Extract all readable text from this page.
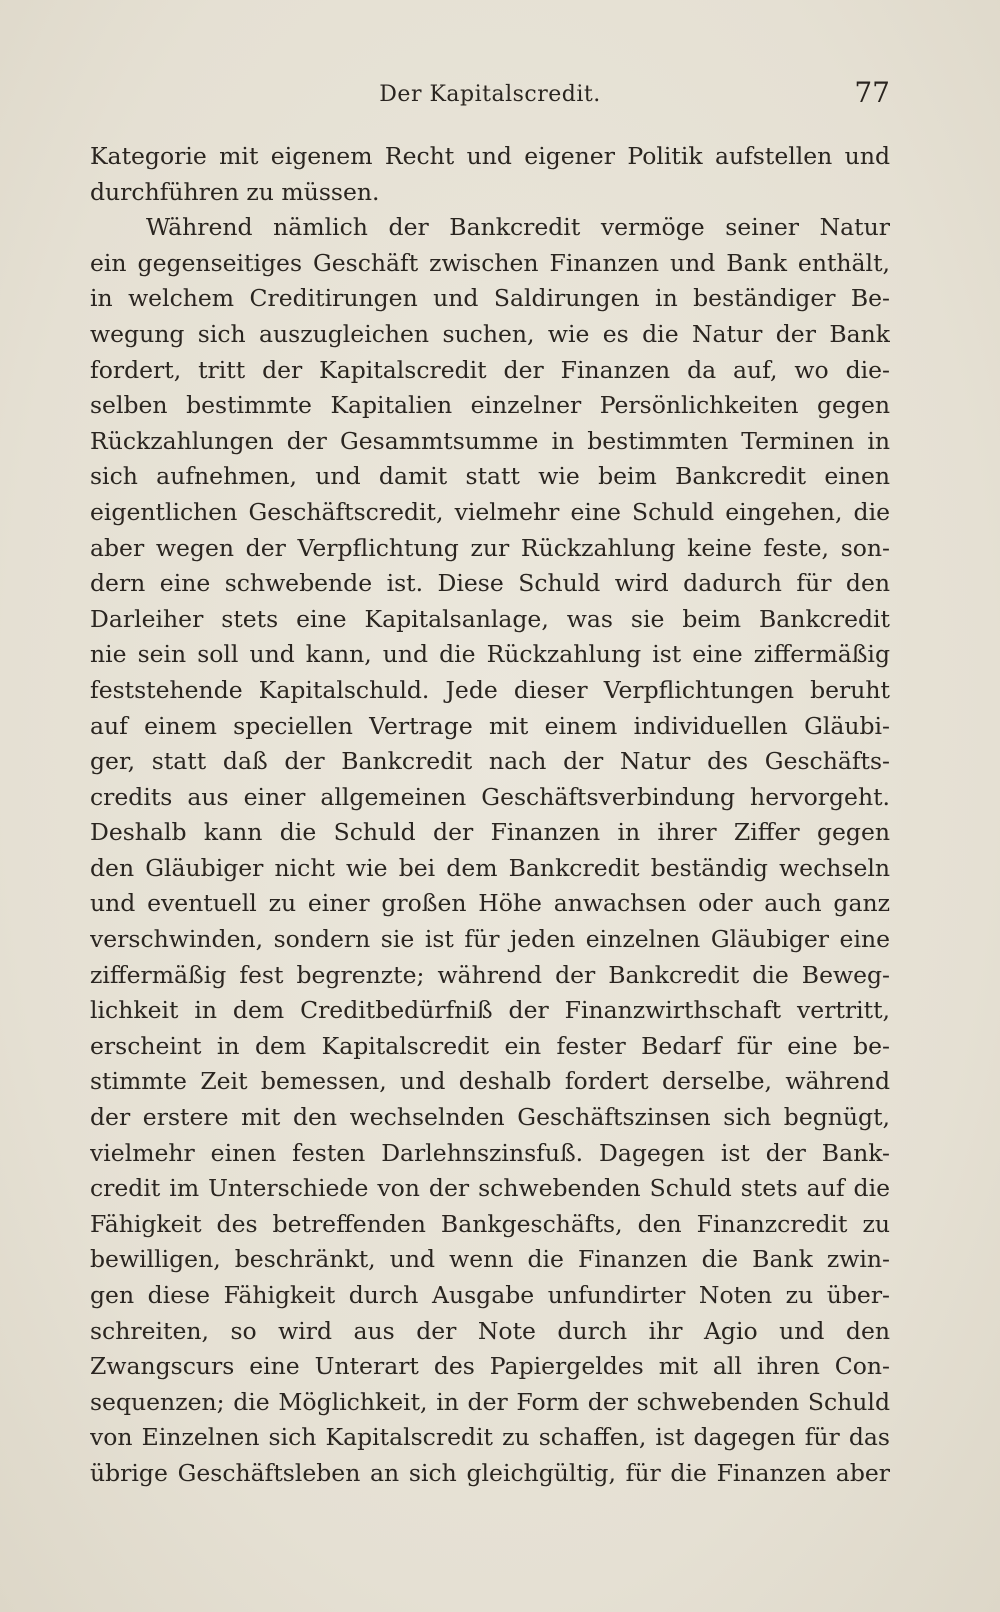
Der Kapitalscredit.	77
Kategorie mit eigenem Recht und eigener Politik aufstellen und
durchführen zu müssen.
Während nämlich der Bankcredit vermöge seiner Natur
ein gegenseitiges Geschäft zwischen Finanzen und Bank enthält,
in welchem Creditirungen und Saldirungen in beständiger Be-
wegung sich auszugleichen suchen, wie es die Natur der Bank
fordert, tritt der Kapitalscredit der Finanzen da auf, wo die-
selben bestimmte Kapitalien einzelner Persönlichkeiten gegen
Rückzahlungen der Gesammtsumme in bestimmten Terminen in
sich aufnehmen, und damit statt wie beim Bankcredit einen
eigentlichen Geschäftscredit, vielmehr eine Schuld eingehen, die
aber wegen der Verpflichtung zur Rückzahlung keine feste, son-
dern eine schwebende ist. Diese Schuld wird dadurch für den
Darleiher stets eine Kapitalsanlage, was sie beim Bankcredit
nie sein soll und kann, und die Rückzahlung ist eine ziffermäßig
feststehende Kapitalschuld. Jede dieser Verpflichtungen beruht
auf einem speciellen Vertrage mit einem individuellen Gläubi-
ger, statt daß der Bankcredit nach der Natur des Geschäfts-
credits aus einer allgemeinen Geschäftsverbindung hervorgeht.
Deshalb kann die Schuld der Finanzen in ihrer Ziffer gegen
den Gläubiger nicht wie bei dem Bankcredit beständig wechseln
und eventuell zu einer großen Höhe anwachsen oder auch ganz
verschwinden, sondern sie ist für jeden einzelnen Gläubiger eine
ziffermäßig fest begrenzte; während der Bankcredit die Beweg-
lichkeit in dem Creditbedürfniß der Finanzwirthschaft vertritt,
erscheint in dem Kapitalscredit ein fester Bedarf für eine be-
stimmte Zeit bemessen, und deshalb fordert derselbe, während
der erstere mit den wechselnden Geschäftszinsen sich begnügt,
vielmehr einen festen Darlehnszinsfuß. Dagegen ist der Bank-
credit im Unterschiede von der schwebenden Schuld stets auf die
Fähigkeit des betreffenden Bankgeschäfts, den Finanzcredit zu
bewilligen, beschränkt, und wenn die Finanzen die Bank zwin-
gen diese Fähigkeit durch Ausgabe unfundirter Noten zu über-
schreiten, so wird aus der Note durch ihr Agio und den
Zwangscurs eine Unterart des Papiergeldes mit all ihren Con-
sequenzen; die Möglichkeit, in der Form der schwebenden Schuld
von Einzelnen sich Kapitalscredit zu schaffen, ist dagegen für das
übrige Geschäftsleben an sich gleichgültig, für die Finanzen aber
